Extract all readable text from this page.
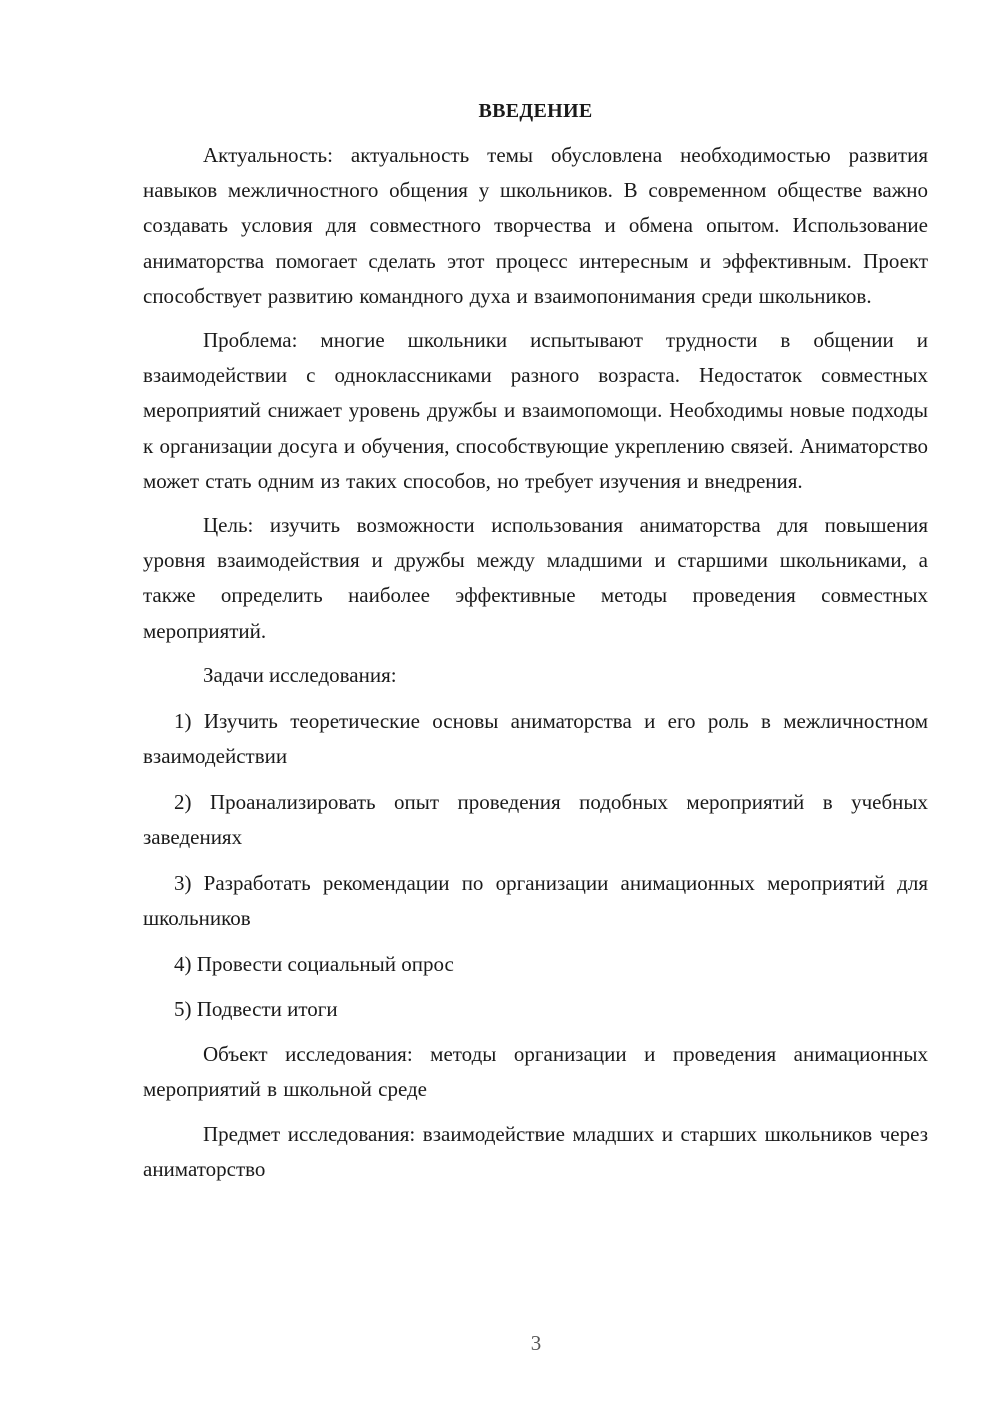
ВВЕДЕНИЕ

Актуальность: актуальность темы обусловлена необходимостью развития навыков межличностного общения у школьников. В современном обществе важно создавать условия для совместного творчества и обмена опытом. Использование аниматорства помогает сделать этот процесс интересным и эффективным. Проект способствует развитию командного духа и взаимопонимания среди школьников.

Проблема: многие школьники испытывают трудности в общении и взаимодействии с одноклассниками разного возраста. Недостаток совместных мероприятий снижает уровень дружбы и взаимопомощи. Необходимы новые подходы к организации досуга и обучения, способствующие укреплению связей. Аниматорство может стать одним из таких способов, но требует изучения и внедрения.

Цель: изучить возможности использования аниматорства для повышения уровня взаимодействия и дружбы между младшими и старшими школьниками, а также определить наиболее эффективные методы проведения совместных мероприятий.

Задачи исследования:

1) Изучить теоретические основы аниматорства и его роль в межличностном взаимодействии

2) Проанализировать опыт проведения подобных мероприятий в учебных заведениях

3) Разработать рекомендации по организации анимационных мероприятий для школьников

4) Провести социальный опрос

5) Подвести итоги

Объект исследования: методы организации и проведения анимационных мероприятий в школьной среде

Предмет исследования: взаимодействие младших и старших школьников через аниматорство

3
